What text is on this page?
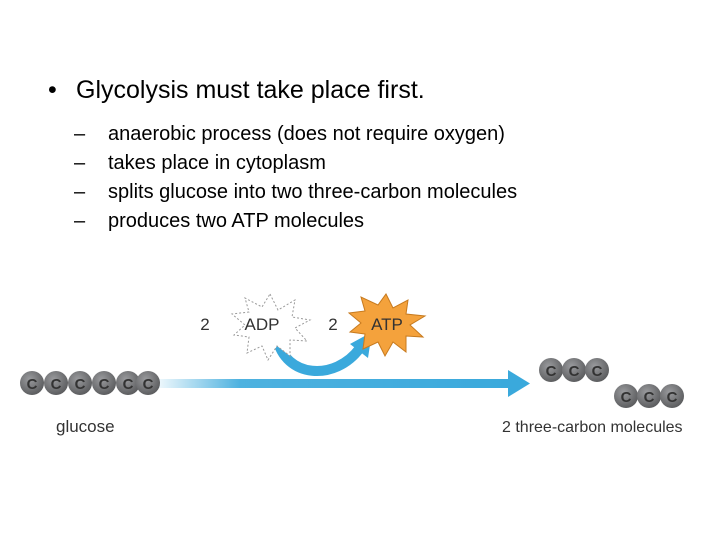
• Glycolysis must take place first.
– anaerobic process (does not require oxygen)
– takes place in cytoplasm
– splits glucose into two three-carbon molecules
– produces two ATP molecules
2 ADP	2 ATP
C C C C C C
glucose
C C C
C C C
2 three-carbon molecules
